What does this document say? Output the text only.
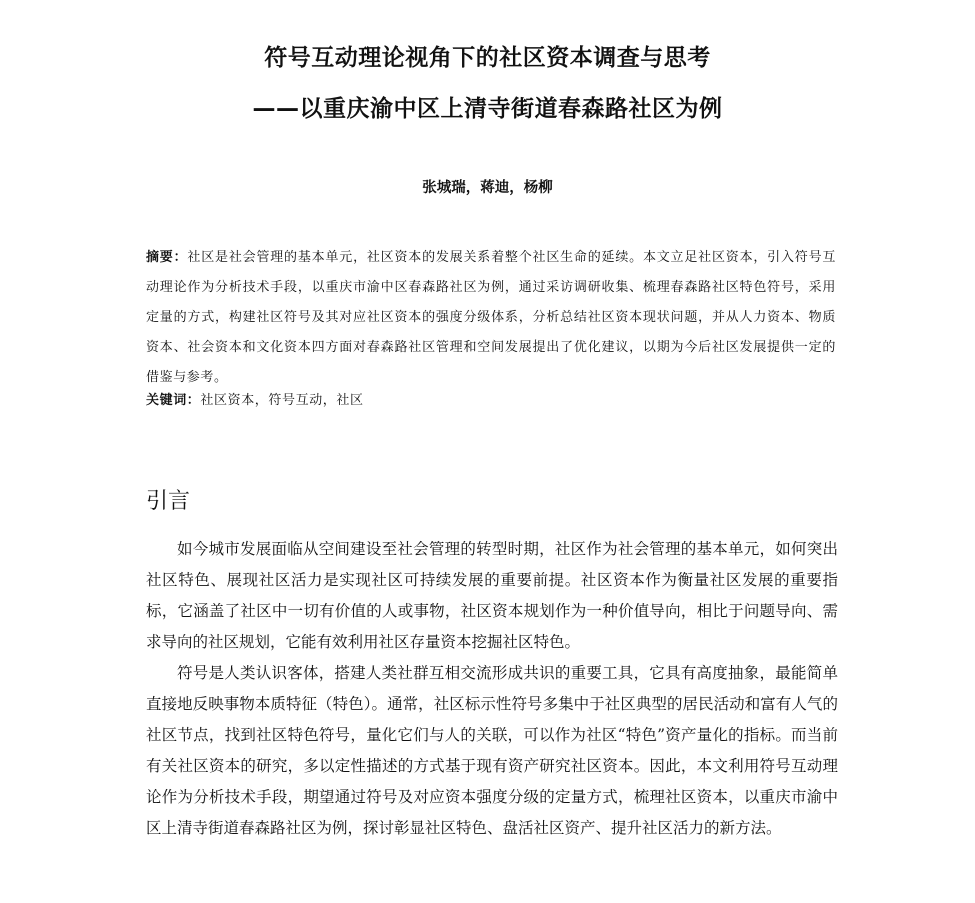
符号互动理论视角下的社区资本调查与思考
——以重庆渝中区上清寺街道春森路社区为例
张城瑞，蒋迪，杨柳
摘要：社区是社会管理的基本单元，社区资本的发展关系着整个社区生命的延续。本文立足社区资本，引入符号互动理论作为分析技术手段，以重庆市渝中区春森路社区为例，通过采访调研收集、梳理春森路社区特色符号，采用定量的方式，构建社区符号及其对应社区资本的强度分级体系，分析总结社区资本现状问题，并从人力资本、物质资本、社会资本和文化资本四方面对春森路社区管理和空间发展提出了优化建议，以期为今后社区发展提供一定的借鉴与参考。
关键词：社区资本，符号互动，社区
引言

如今城市发展面临从空间建设至社会管理的转型时期，社区作为社会管理的基本单元，如何突出社区特色、展现社区活力是实现社区可持续发展的重要前提。社区资本作为衡量社区发展的重要指标，它涵盖了社区中一切有价值的人或事物，社区资本规划作为一种价值导向，相比于问题导向、需求导向的社区规划，它能有效利用社区存量资本挖掘社区特色。

符号是人类认识客体，搭建人类社群互相交流形成共识的重要工具，它具有高度抽象，最能简单直接地反映事物本质特征（特色）。通常，社区标示性符号多集中于社区典型的居民活动和富有人气的社区节点，找到社区特色符号，量化它们与人的关联，可以作为社区“特色”资产量化的指标。而当前有关社区资本的研究，多以定性描述的方式基于现有资产研究社区资本。因此，本文利用符号互动理论作为分析技术手段，期望通过符号及对应资本强度分级的定量方式，梳理社区资本，以重庆市渝中区上清寺街道春森路社区为例，探讨彰显社区特色、盘活社区资产、提升社区活力的新方法。
